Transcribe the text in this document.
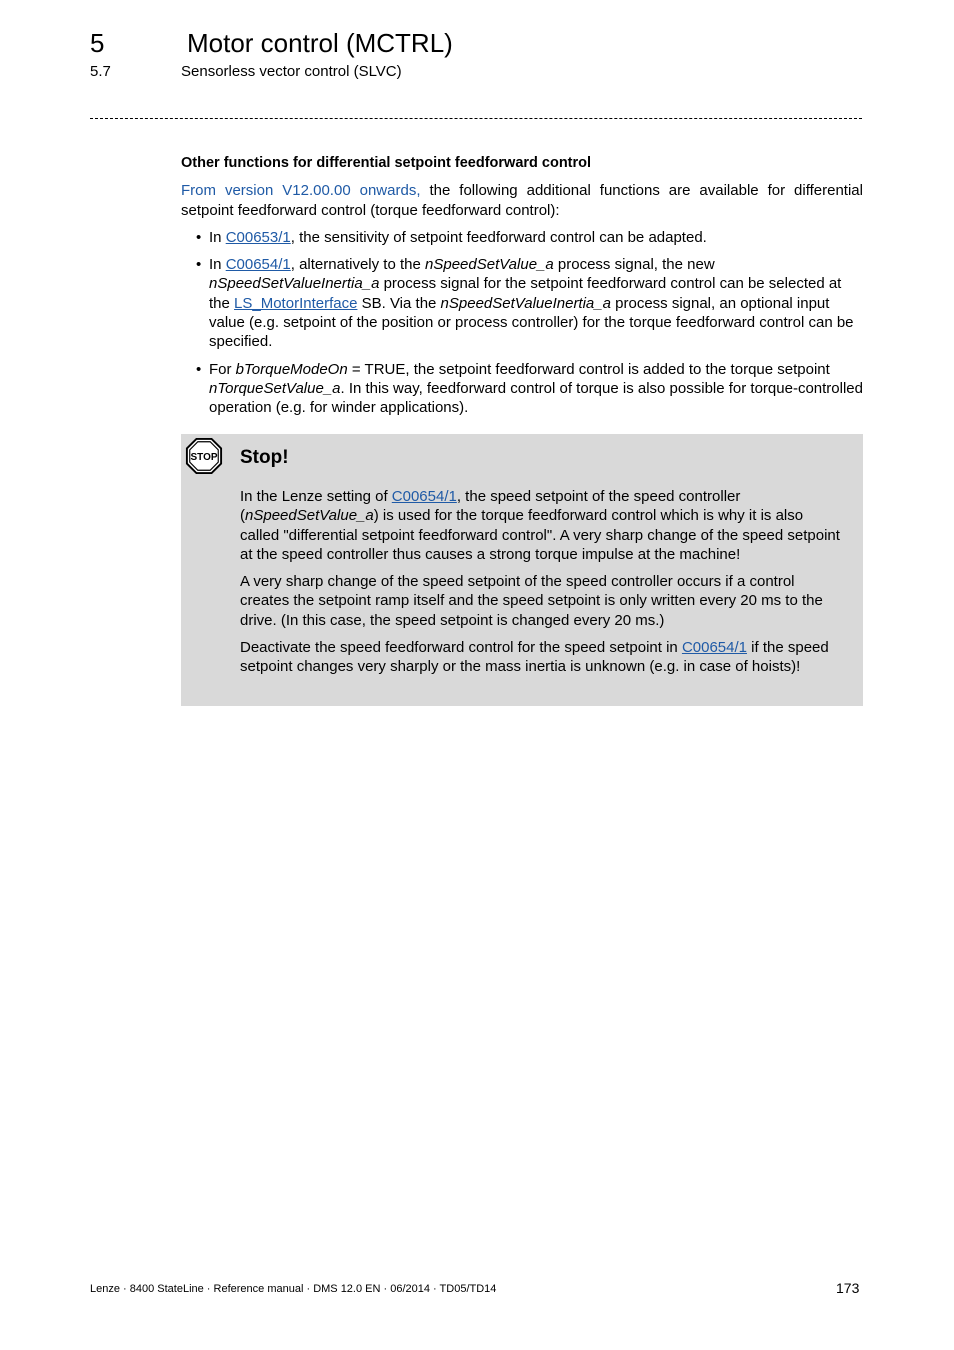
5	Motor control (MCTRL)
5.7	Sensorless vector control (SLVC)
Other functions for differential setpoint feedforward control

From version V12.00.00 onwards, the following additional functions are available for differential setpoint feedforward control (torque feedforward control):

• In C00653/1, the sensitivity of setpoint feedforward control can be adapted.
• In C00654/1, alternatively to the nSpeedSetValue_a process signal, the new nSpeedSetValueInertia_a process signal for the setpoint feedforward control can be selected at the LS_MotorInterface SB. Via the nSpeedSetValueInertia_a process signal, an optional input value (e.g. setpoint of the position or process controller) for the torque feedforward control can be specified.
• For bTorqueModeOn = TRUE, the setpoint feedforward control is added to the torque setpoint nTorqueSetValue_a. In this way, feedforward control of torque is also possible for torque-controlled operation (e.g. for winder applications).
STOP Stop!

In the Lenze setting of C00654/1, the speed setpoint of the speed controller (nSpeedSetValue_a) is used for the torque feedforward control which is why it is also called "differential setpoint feedforward control". A very sharp change of the speed setpoint at the speed controller thus causes a strong torque impulse at the machine!

A very sharp change of the speed setpoint of the speed controller occurs if a control creates the setpoint ramp itself and the speed setpoint is only written every 20 ms to the drive. (In this case, the speed setpoint is changed every 20 ms.)

Deactivate the speed feedforward control for the speed setpoint in C00654/1 if the speed setpoint changes very sharply or the mass inertia is unknown (e.g. in case of hoists)!

Lenze · 8400 StateLine · Reference manual · DMS 12.0 EN · 06/2014 · TD05/TD14	173
